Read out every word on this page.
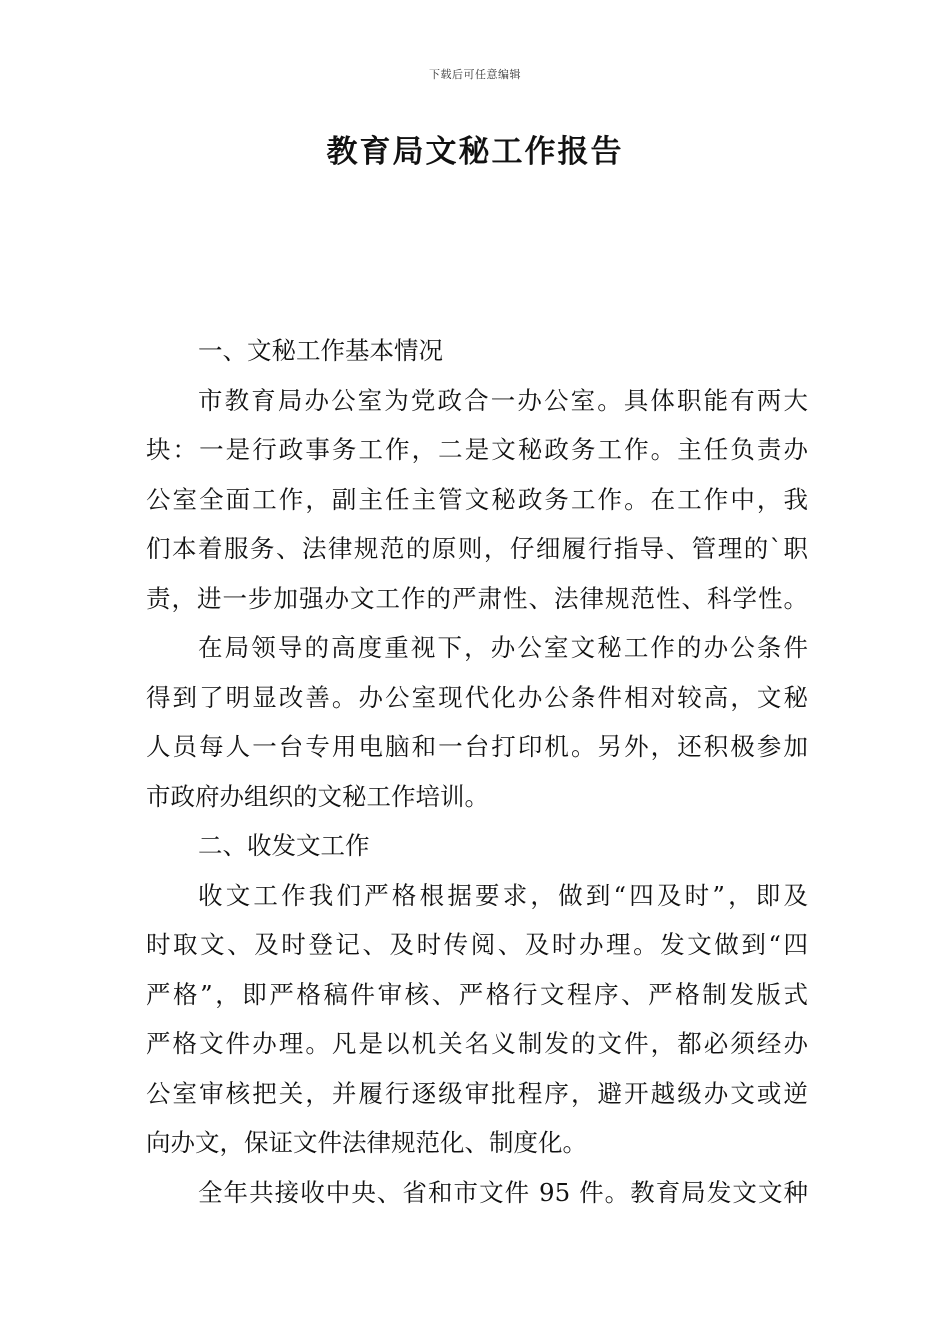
下载后可任意编辑
教育局文秘工作报告
一、文秘工作基本情况
市教育局办公室为党政合一办公室。具体职能有两大
块：一是行政事务工作，二是文秘政务工作。主任负责办
公室全面工作，副主任主管文秘政务工作。在工作中，我
们本着服务、法律规范的原则，仔细履行指导、管理的`职
责，进一步加强办文工作的严肃性、法律规范性、科学性。
在局领导的高度重视下，办公室文秘工作的办公条件
得到了明显改善。办公室现代化办公条件相对较高，文秘
人员每人一台专用电脑和一台打印机。另外，还积极参加
市政府办组织的文秘工作培训。
二、收发文工作
收文工作我们严格根据要求，做到“四及时”，即及
时取文、及时登记、及时传阅、及时办理。发文做到“四
严格”，即严格稿件审核、严格行文程序、严格制发版式
严格文件办理。凡是以机关名义制发的文件，都必须经办
公室审核把关，并履行逐级审批程序，避开越级办文或逆
向办文，保证文件法律规范化、制度化。
全年共接收中央、省和市文件 95 件。教育局发文文种
